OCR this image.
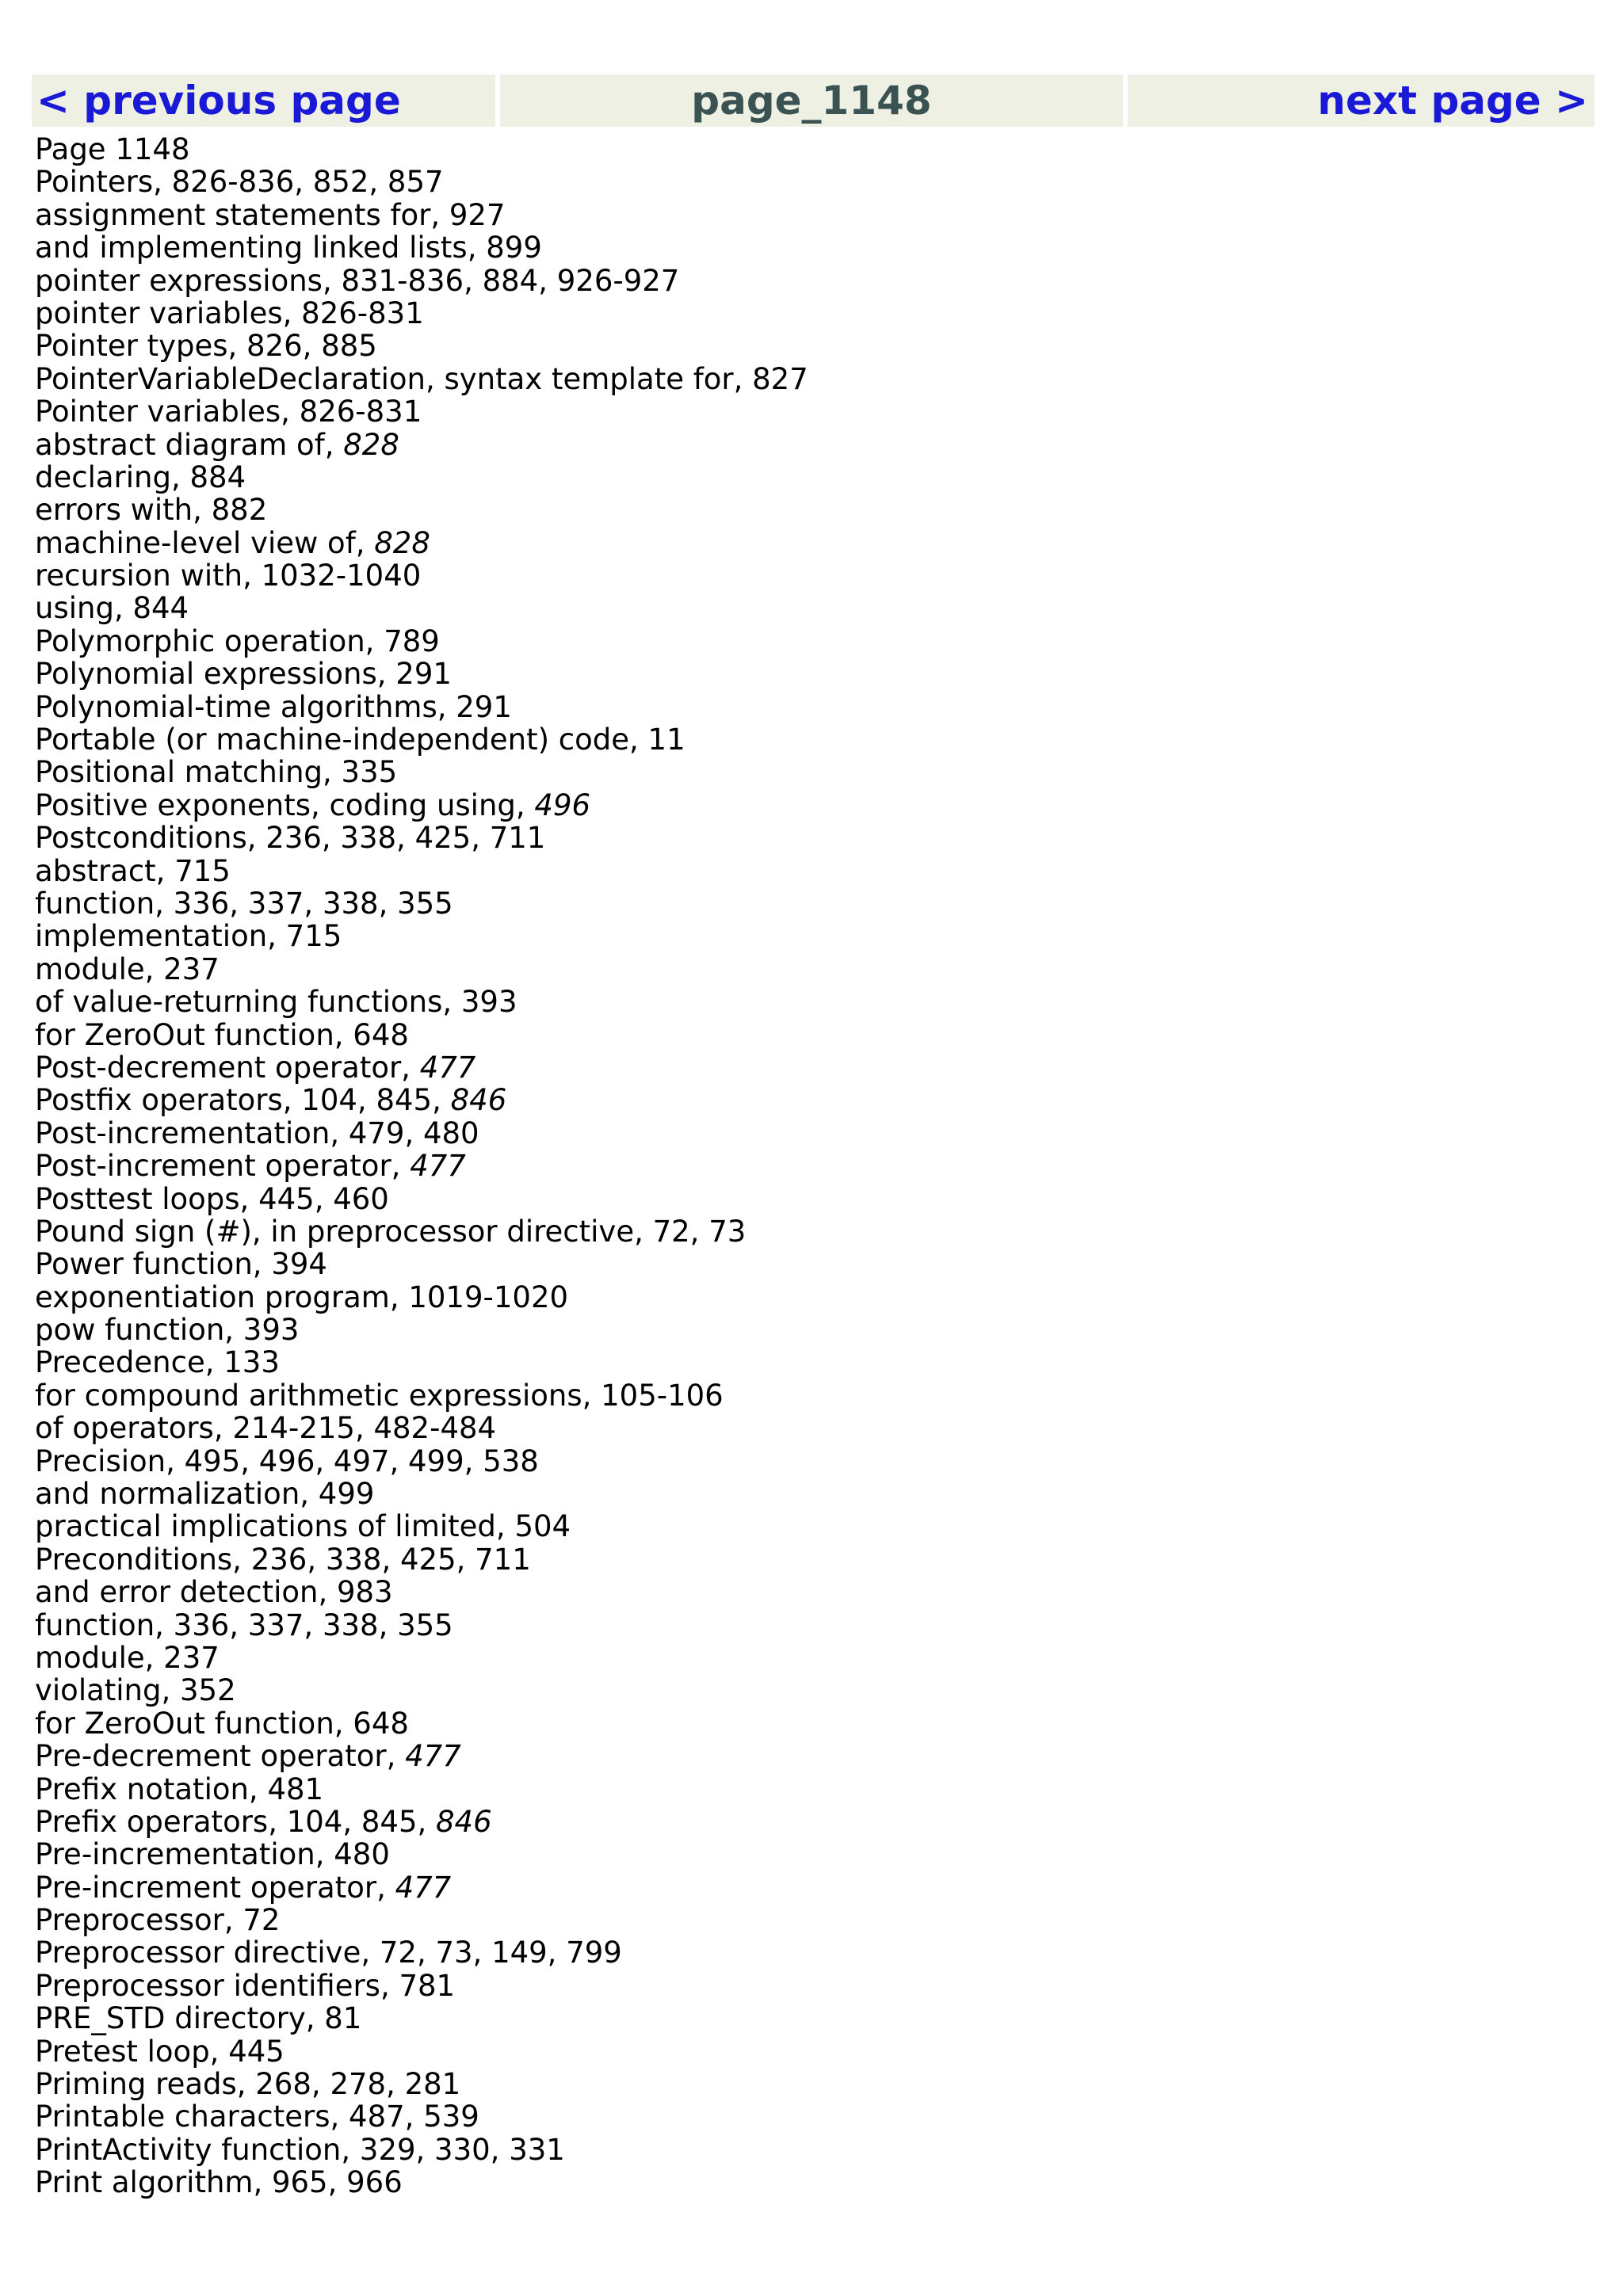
< previous page	page_1148	next page >
Page 1148
Pointers, 826-836, 852, 857
assignment statements for, 927
and implementing linked lists, 899
pointer expressions, 831-836, 884, 926-927
pointer variables, 826-831
Pointer types, 826, 885
PointerVariableDeclaration, syntax template for, 827
Pointer variables, 826-831
abstract diagram of, 828
declaring, 884
errors with, 882
machine-level view of, 828
recursion with, 1032-1040
using, 844
Polymorphic operation, 789
Polynomial expressions, 291
Polynomial-time algorithms, 291
Portable (or machine-independent) code, 11
Positional matching, 335
Positive exponents, coding using, 496
Postconditions, 236, 338, 425, 711
abstract, 715
function, 336, 337, 338, 355
implementation, 715
module, 237
of value-returning functions, 393
for ZeroOut function, 648
Post-decrement operator, 477
Postfix operators, 104, 845, 846
Post-incrementation, 479, 480
Post-increment operator, 477
Posttest loops, 445, 460
Pound sign (#), in preprocessor directive, 72, 73
Power function, 394
exponentiation program, 1019-1020
pow function, 393
Precedence, 133
for compound arithmetic expressions, 105-106
of operators, 214-215, 482-484
Precision, 495, 496, 497, 499, 538
and normalization, 499
practical implications of limited, 504
Preconditions, 236, 338, 425, 711
and error detection, 983
function, 336, 337, 338, 355
module, 237
violating, 352
for ZeroOut function, 648
Pre-decrement operator, 477
Prefix notation, 481
Prefix operators, 104, 845, 846
Pre-incrementation, 480
Pre-increment operator, 477
Preprocessor, 72
Preprocessor directive, 72, 73, 149, 799
Preprocessor identifiers, 781
PRE_STD directory, 81
Pretest loop, 445
Priming reads, 268, 278, 281
Printable characters, 487, 539
PrintActivity function, 329, 330, 331
Print algorithm, 965, 966
